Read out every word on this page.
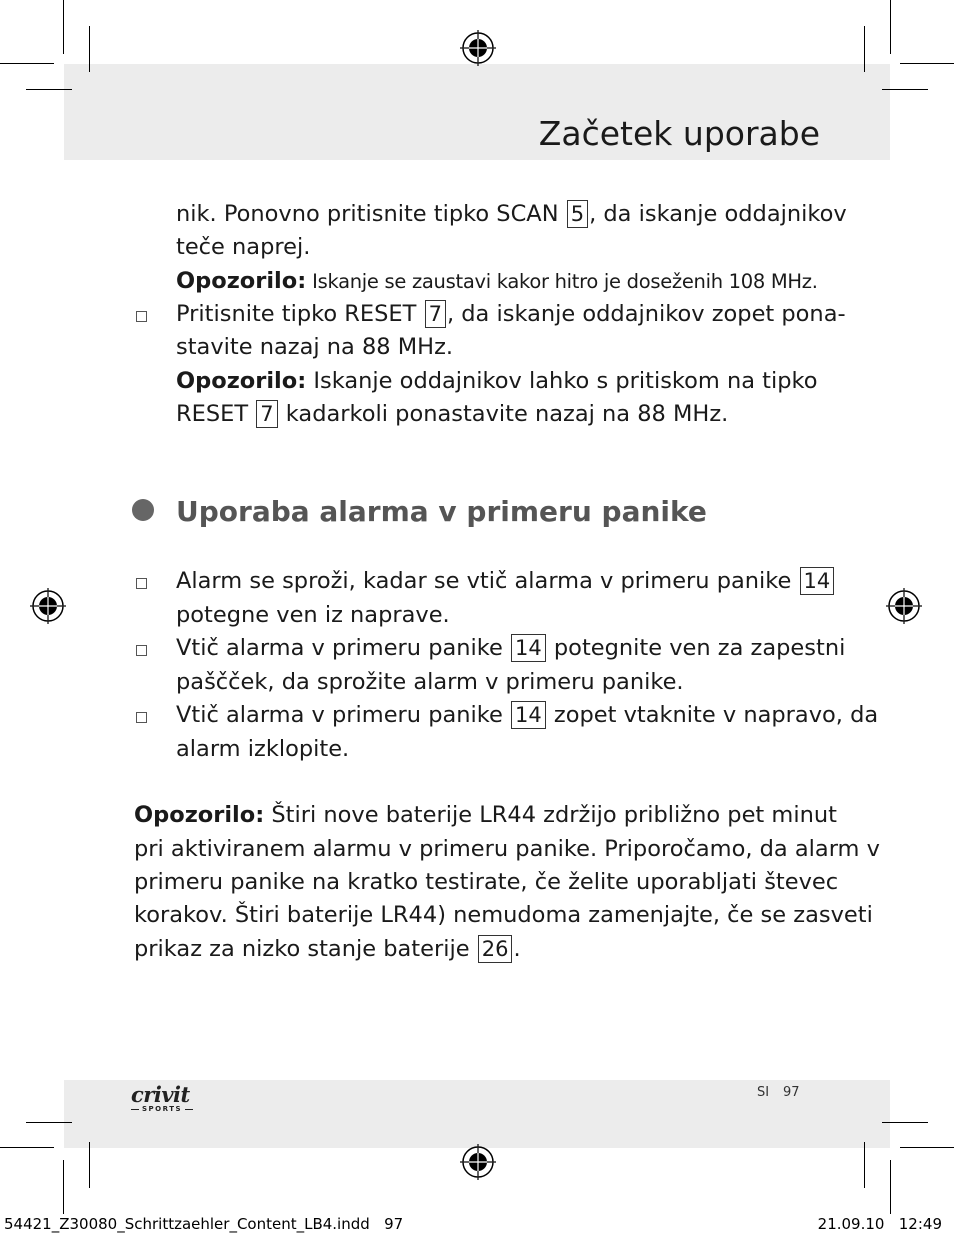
Začetek uporabe
nik. Ponovno pritisnite tipko SCAN 5 , da iskanje oddajnikov
teče naprej.
Opozorilo: Iskanje se zaustavi kakor hitro je doseženih 108 MHz.
Pritisnite tipko RESET 7 , da iskanje oddajnikov zopet pona-
stavite nazaj na 88 MHz.
Opozorilo: Iskanje oddajnikov lahko s pritiskom na tipko
RESET 7 kadarkoli ponastavite nazaj na 88 MHz.
Uporaba alarma v primeru panike
Alarm se sproži, kadar se vtič alarma v primeru panike 14
potegne ven iz naprave.
Vtič alarma v primeru panike 14 potegnite ven za zapestni
paščček, da sprožite alarm v primeru panike.
Vtič alarma v primeru panike 14 zopet vtaknite v napravo, da
alarm izklopite.
Opozorilo: Štiri nove baterije LR44 zdržijo približno pet minut
pri aktiviranem alarmu v primeru panike. Priporočamo, da alarm v
primeru panike na kratko testirate, če želite uporabljati števec
korakov. Štiri baterije LR44) nemudoma zamenjajte, če se zasveti
prikaz za nizko stanje baterije 26 .
crivit
SPORTS
SI 97
54421_Z30080_Schrittzaehler_Content_LB4.indd   97	21.09.10   12:49
